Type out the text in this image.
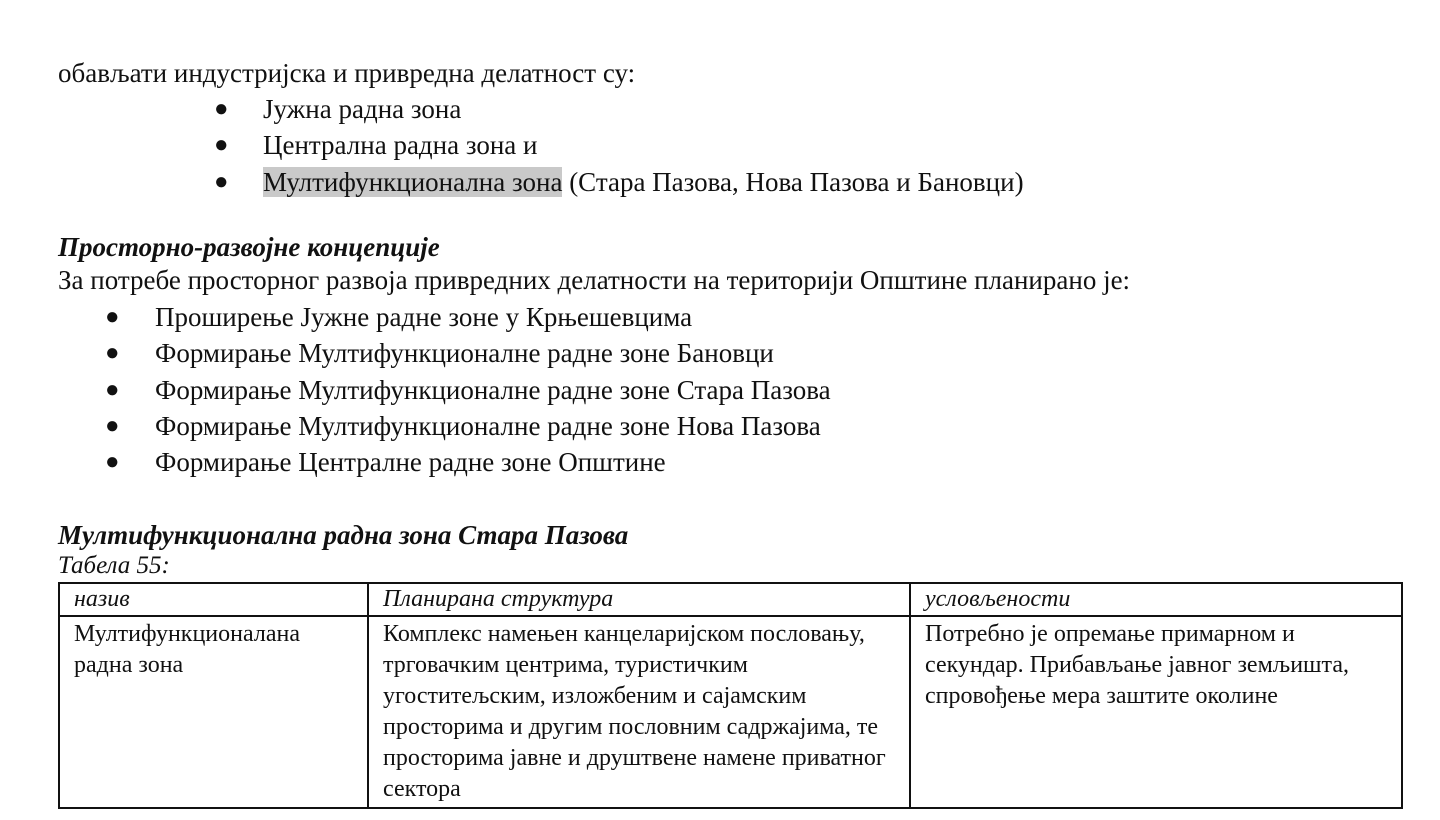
обављати индустријска и привредна делатност су:
● Јужна радна зона
● Централна радна зона и
● Мултифункционална зона (Стара Пазова, Нова Пазова и Бановци)
Просторно-развојне концепције
За потребе просторног развоја привредних делатности на територији Општине планирано је:
● Проширење Јужне радне зоне у Крњешевцима
● Формирање Мултифункционалне радне зоне Бановци
● Формирање Мултифункционалне радне зоне Стара Пазова
● Формирање Мултифункционалне радне зоне Нова Пазова
● Формирање Централне радне зоне Општине
Мултифункционална радна зона Стара Пазова
Табела 55:
назив	Планирана структура	условљености
Мултифункционалана радна зона	Комплекс намењен канцеларијском пословању, трговачким центрима, туристичким угоститељским, изложбеним и сајамским просторима и другим пословним садржајима, те просторима јавне и друштвене намене приватног сектора	Потребно је опремање примарном и секундар. Прибављање јавног земљишта, спровођење мера заштите околине
